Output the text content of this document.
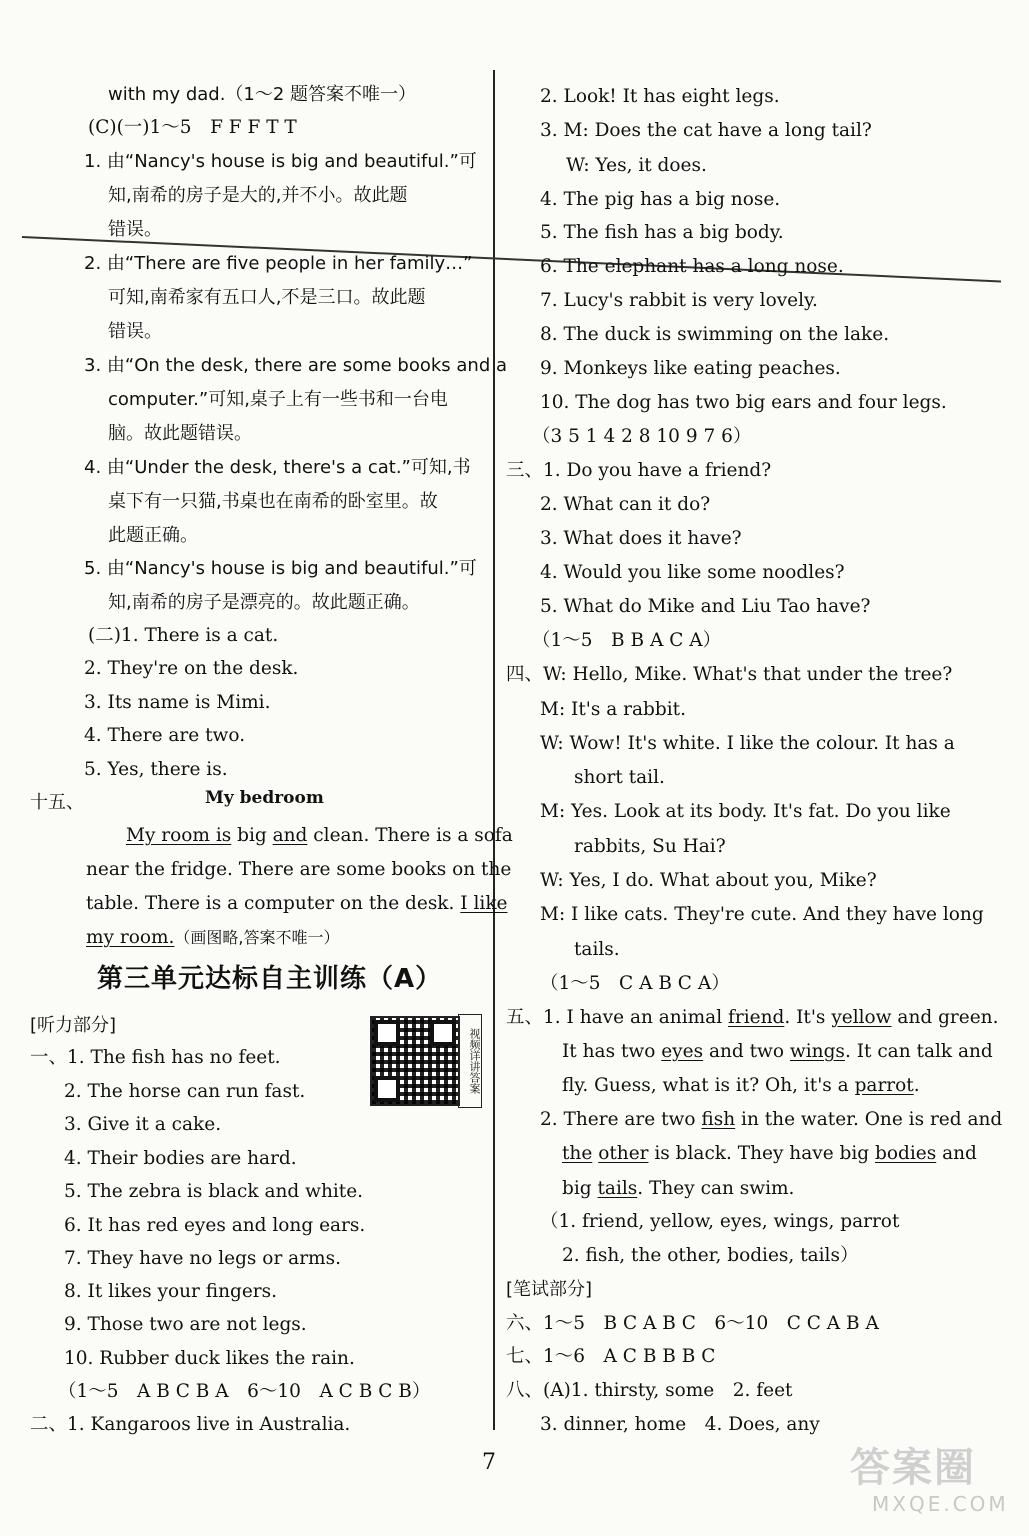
with my dad.（1～2 题答案不唯一）
(C)(一)1～5　F F F T T
1. 由“Nancy's house is big and beautiful.”可
知,南希的房子是大的,并不小。故此题
错误。
2. 由“There are five people in her family…”
可知,南希家有五口人,不是三口。故此题
错误。
3. 由“On the desk, there are some books and a
computer.”可知,桌子上有一些书和一台电
脑。故此题错误。
4. 由“Under the desk, there's a cat.”可知,书
桌下有一只猫,书桌也在南希的卧室里。故
此题正确。
5. 由“Nancy's house is big and beautiful.”可
知,南希的房子是漂亮的。故此题正确。
(二)1. There is a cat.
2. They're on the desk.
3. Its name is Mimi.
4. There are two.
5. Yes, there is.
十五、	My bedroom
My room is big and clean. There is a sofa
near the fridge. There are some books on the
table. There is a computer on the desk. I like
my room.（画图略,答案不唯一）
第三单元达标自主训练（A）
视频详讲答案
[听力部分]
一、1. The fish has no feet.
2. The horse can run fast.
3. Give it a cake.
4. Their bodies are hard.
5. The zebra is black and white.
6. It has red eyes and long ears.
7. They have no legs or arms.
8. It likes your fingers.
9. Those two are not legs.
10. Rubber duck likes the rain.
（1～5　A B C B A　6～10　A C B C B）
二、1. Kangaroos live in Australia.
2. Look! It has eight legs.
3. M: Does the cat have a long tail?
W: Yes, it does.
4. The pig has a big nose.
5. The fish has a big body.
6. The elephant has a long nose.
7. Lucy's rabbit is very lovely.
8. The duck is swimming on the lake.
9. Monkeys like eating peaches.
10. The dog has two big ears and four legs.
（3 5 1 4 2 8 10 9 7 6）
三、1. Do you have a friend?
2. What can it do?
3. What does it have?
4. Would you like some noodles?
5. What do Mike and Liu Tao have?
（1～5　B B A C A）
四、W: Hello, Mike. What's that under the tree?
M: It's a rabbit.
W: Wow! It's white. I like the colour. It has a
short tail.
M: Yes. Look at its body. It's fat. Do you like
rabbits, Su Hai?
W: Yes, I do. What about you, Mike?
M: I like cats. They're cute. And they have long
tails.
（1～5　C A B C A）
五、1. I have an animal friend. It's yellow and green.
It has two eyes and two wings. It can talk and
fly. Guess, what is it? Oh, it's a parrot.
2. There are two fish in the water. One is red and
the other is black. They have big bodies and
big tails. They can swim.
（1. friend, yellow, eyes, wings, parrot
2. fish, the other, bodies, tails）
[笔试部分]
六、1～5　B C A B C　6～10　C C A B A
七、1～6　A C B B B C
八、(A)1. thirsty, some　2. feet
3. dinner, home　4. Does, any
7	答案圈
MXQE.COM
